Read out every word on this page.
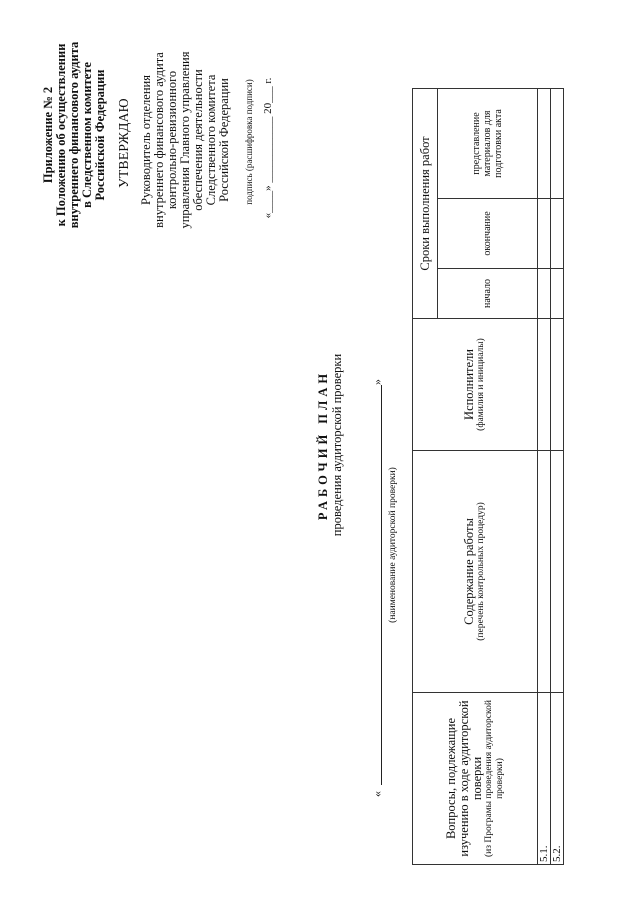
Приложение № 2 к Положению об осуществлении внутреннего финансового аудита в Следственном комитете Российской Федерации УТВЕРЖДАЮ Руководитель отделения внутреннего финансового аудита контрольно-ревизионного управления Главного управления обеспечения деятельности Следственного комитета Российской Федерации подпись (расшифровка подписи) «____» ____________ 20___ г.
РАБОЧИЙ ПЛАН проведения аудиторской проверки
«
»
(наименование аудиторской проверки)
Вопросы, подлежащие изучению в ходе аудиторской поверки (из Програмы проведения аудиторской проверки)	Содержание работы (перечень контрольных процедур)	Исполнители (фамилия и инициалы)	Сроки выполнения работ		
			начало	окончание	представление материалов для подготовки акта
5.1.					
5.2.					
